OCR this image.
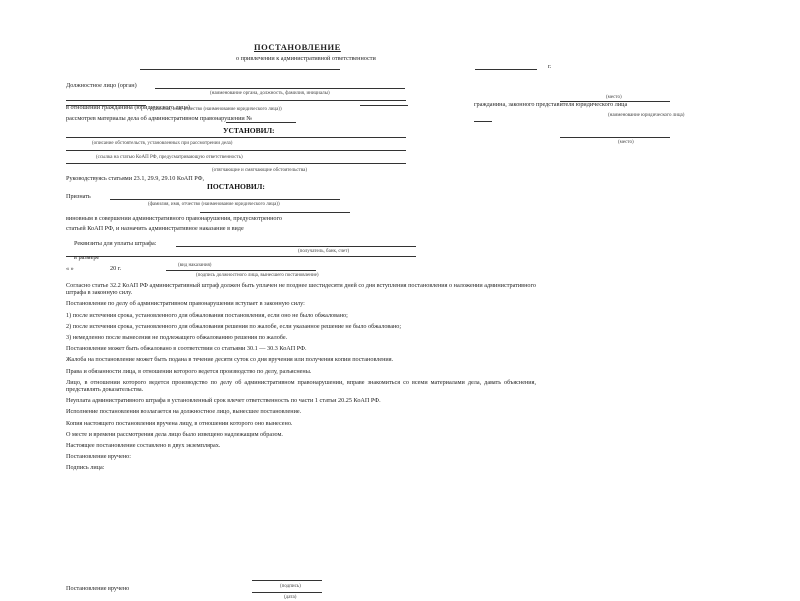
ПОСТАНОВЛЕНИЕ
о привлечении к административной ответственности
г.
Должностное лицо (орган)
(наименование органа, должность, фамилия, инициалы)
в отношении гражданина (юридического лица)
(фамилия, имя, отчество (наименование юридического лица))
рассмотрев материалы дела об административном правонарушении №
(место)
гражданина, законного представителя юридического лица
(наименование юридического лица)
(место)
УСТАНОВИЛ:
(описание обстоятельств, установленных при рассмотрении дела)
(ссылка на статью КоАП РФ, предусматривающую ответственность)
(отягчающие и смягчающие обстоятельства)
Руководствуясь статьями 23.1, 29.9, 29.10 КоАП РФ,
ПОСТАНОВИЛ:
Признать
(фамилия, имя, отчество (наименование юридического лица))
виновным в совершении административного правонарушения, предусмотренного
статьей КоАП РФ, и назначить административное наказание в виде
Реквизиты для уплаты штрафа:
(получатель, банк, счет)
в размере
(вид наказания)
« »	20 г.
(подпись должностного лица, вынесшего постановление)
Согласно статье 32.2 КоАП РФ административный штраф должен быть уплачен не позднее шестидесяти дней со дня вступления постановления о наложении административного штрафа в законную силу.
Постановление по делу об административном правонарушении вступает в законную силу:
1) после истечения срока, установленного для обжалования постановления, если оно не было обжаловано;
2) после истечения срока, установленного для обжалования решения по жалобе, если указанное решение не было обжаловано;
3) немедленно после вынесения не подлежащего обжалованию решения по жалобе.
Постановление может быть обжаловано в соответствии со статьями 30.1 — 30.3 КоАП РФ.
Жалоба на постановление может быть подана в течение десяти суток со дня вручения или получения копии постановления.
Права и обязанности лица, в отношении которого ведется производство по делу, разъяснены.
Лицо, в отношении которого ведется производство по делу об административном правонарушении, вправе знакомиться со всеми материалами дела, давать объяснения, представлять доказательства.
Неуплата административного штрафа в установленный срок влечет ответственность по части 1 статьи 20.25 КоАП РФ.
Исполнение постановления возлагается на должностное лицо, вынесшее постановление.
Копия настоящего постановления вручена лицу, в отношении которого оно вынесено.
О месте и времени рассмотрения дела лицо было извещено надлежащим образом.
Настоящее постановление составлено в двух экземплярах.
Постановление вручено:
Подпись лица:
Постановление вручено	(подпись)
(дата)
